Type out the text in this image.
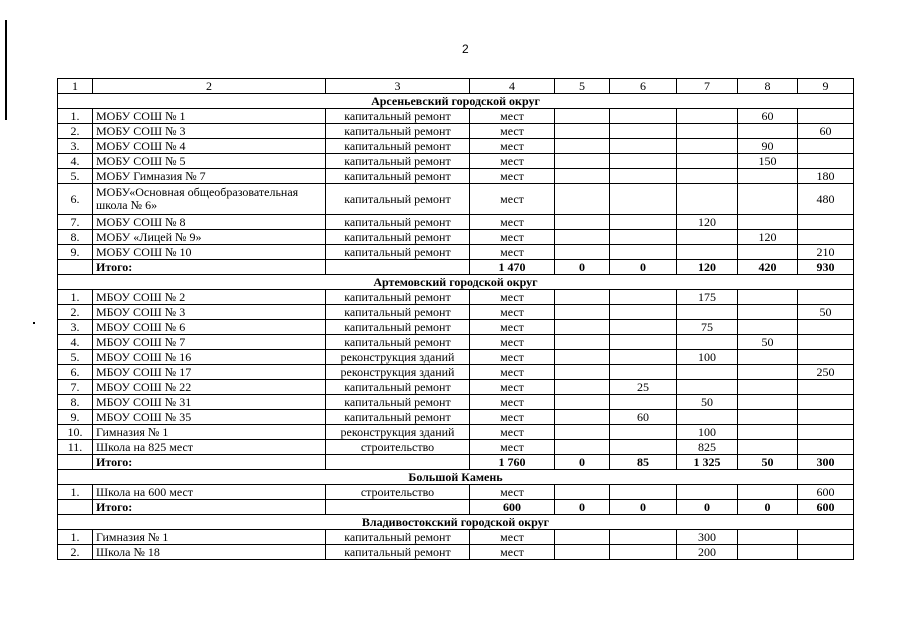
2
1	2	3	4	5	6	7	8	9
Арсеньевский городской округ								
1.	МОБУ СОШ № 1	капитальный ремонт	мест				60	
2.	МОБУ СОШ № 3	капитальный ремонт	мест					60
3.	МОБУ СОШ № 4	капитальный ремонт	мест				90	
4.	МОБУ СОШ № 5	капитальный ремонт	мест				150	
5.	МОБУ Гимназия № 7	капитальный ремонт	мест					180
6.	МОБУ«Основная общеобразовательная школа № 6»	капитальный ремонт	мест					480
7.	МОБУ СОШ № 8	капитальный ремонт	мест			120		
8.	МОБУ «Лицей № 9»	капитальный ремонт	мест				120	
9.	МОБУ СОШ № 10	капитальный ремонт	мест					210
	Итого:		1 470	0	0	120	420	930
Артемовский городской округ								
1.	МБОУ СОШ № 2	капитальный ремонт	мест			175		
2.	МБОУ СОШ № 3	капитальный ремонт	мест					50
3.	МБОУ СОШ № 6	капитальный ремонт	мест			75		
4.	МБОУ СОШ № 7	капитальный ремонт	мест				50	
5.	МБОУ СОШ № 16	реконструкция зданий	мест			100		
6.	МБОУ СОШ № 17	реконструкция зданий	мест					250
7.	МБОУ СОШ № 22	капитальный ремонт	мест		25			
8.	МБОУ СОШ № 31	капитальный ремонт	мест			50		
9.	МБОУ СОШ № 35	капитальный ремонт	мест		60			
10.	Гимназия № 1	реконструкция зданий	мест			100		
11.	Школа на 825 мест	строительство	мест			825		
	Итого:		1 760	0	85	1 325	50	300
Большой Камень								
1.	Школа на 600 мест	строительство	мест					600
	Итого:		600	0	0	0	0	600
Владивостокский городской округ								
1.	Гимназия № 1	капитальный ремонт	мест			300		
2.	Школа № 18	капитальный ремонт	мест			200		
